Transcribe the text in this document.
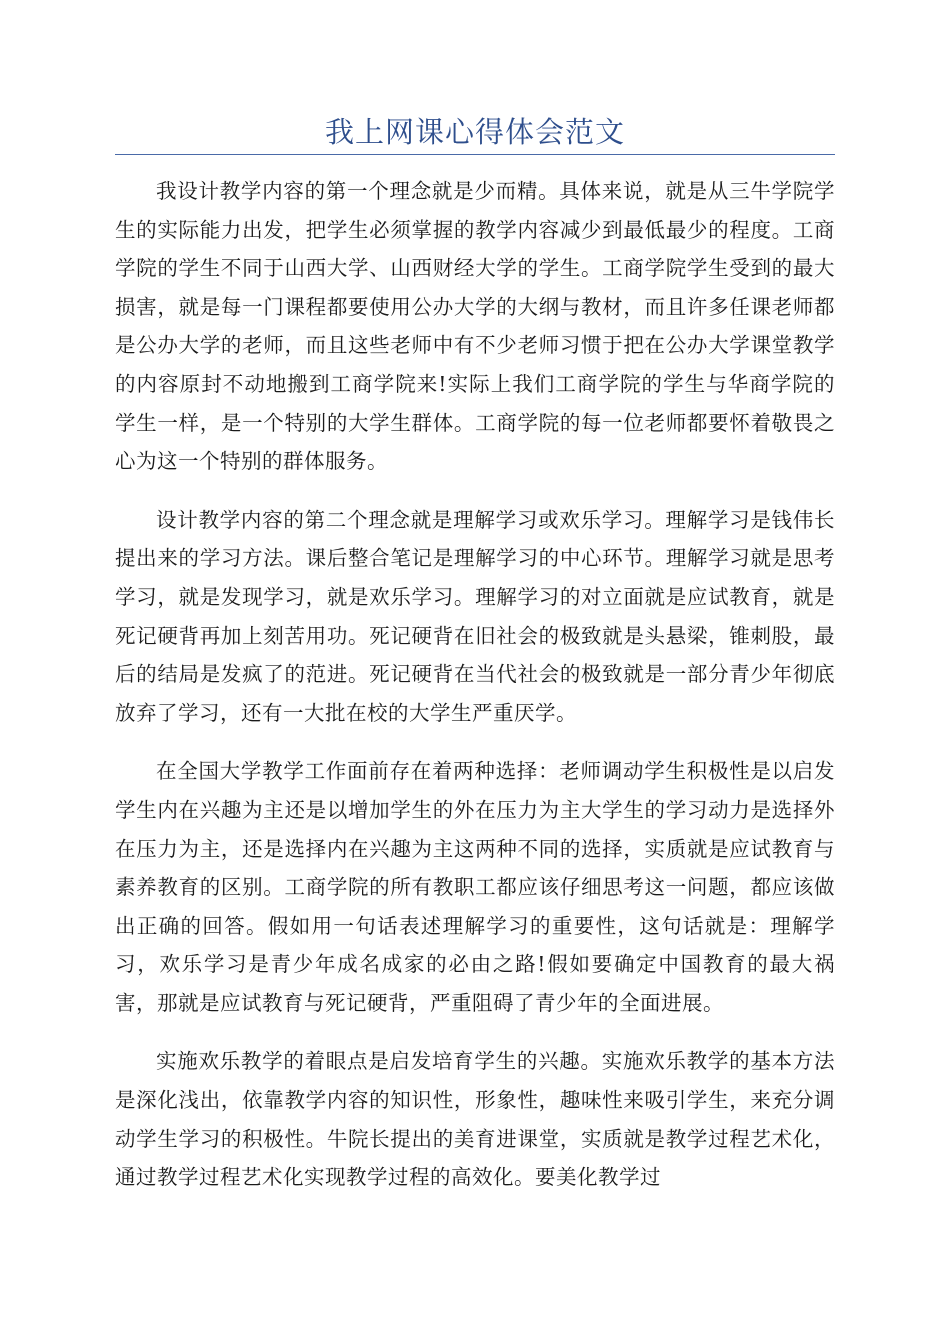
我上网课心得体会范文

我设计教学内容的第一个理念就是少而精。具体来说，就是从三牛学院学生的实际能力出发，把学生必须掌握的教学内容减少到最低最少的程度。工商学院的学生不同于山西大学、山西财经大学的学生。工商学院学生受到的最大损害，就是每一门课程都要使用公办大学的大纲与教材，而且许多任课老师都是公办大学的老师，而且这些老师中有不少老师习惯于把在公办大学课堂教学的内容原封不动地搬到工商学院来!实际上我们工商学院的学生与华商学院的学生一样，是一个特别的大学生群体。工商学院的每一位老师都要怀着敬畏之心为这一个特别的群体服务。

设计教学内容的第二个理念就是理解学习或欢乐学习。理解学习是钱伟长提出来的学习方法。课后整合笔记是理解学习的中心环节。理解学习就是思考学习，就是发现学习，就是欢乐学习。理解学习的对立面就是应试教育，就是死记硬背再加上刻苦用功。死记硬背在旧社会的极致就是头悬梁，锥刺股，最后的结局是发疯了的范进。死记硬背在当代社会的极致就是一部分青少年彻底放弃了学习，还有一大批在校的大学生严重厌学。

在全国大学教学工作面前存在着两种选择：老师调动学生积极性是以启发学生内在兴趣为主还是以增加学生的外在压力为主大学生的学习动力是选择外在压力为主，还是选择内在兴趣为主这两种不同的选择，实质就是应试教育与素养教育的区别。工商学院的所有教职工都应该仔细思考这一问题，都应该做出正确的回答。假如用一句话表述理解学习的重要性，这句话就是：理解学习，欢乐学习是青少年成名成家的必由之路!假如要确定中国教育的最大祸害，那就是应试教育与死记硬背，严重阻碍了青少年的全面进展。

实施欢乐教学的着眼点是启发培育学生的兴趣。实施欢乐教学的基本方法是深化浅出，依靠教学内容的知识性，形象性，趣味性来吸引学生，来充分调动学生学习的积极性。牛院长提出的美育进课堂，实质就是教学过程艺术化，通过教学过程艺术化实现教学过程的高效化。要美化教学过
